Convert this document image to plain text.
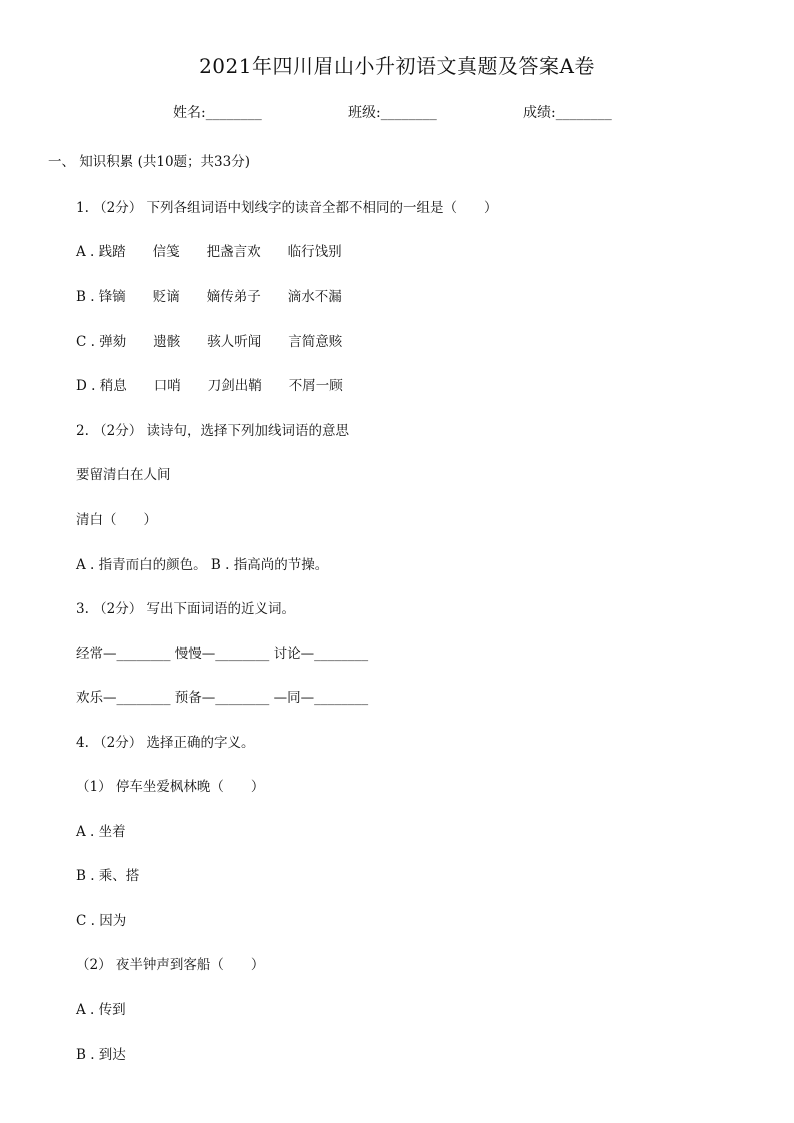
2021年四川眉山小升初语文真题及答案A卷
姓名:________	班级:________	成绩:________
一、 知识积累 (共10题；共33分)
1. （2分） 下列各组词语中划线字的读音全都不相同的一组是（　　）
A . 践踏　　信笺　　把盏言欢　　临行饯别
B . 锋镝　　贬谪　　嫡传弟子　　滴水不漏
C . 弹劾　　遗骸　　骇人听闻　　言简意赅
D . 稍息　　口哨　　刀剑出鞘　　不屑一顾
2. （2分） 读诗句，选择下列加线词语的意思
要留清白在人间
清白（　　）
A . 指青而白的颜色。 B . 指高尚的节操。
3. （2分） 写出下面词语的近义词。
经常—________ 慢慢—________ 讨论—________
欢乐—________ 预备—________ —同—________
4. （2分） 选择正确的字义。
（1） 停车坐爱枫林晚（　　）
A . 坐着
B . 乘、搭
C . 因为
（2） 夜半钟声到客船（　　）
A . 传到
B . 到达
